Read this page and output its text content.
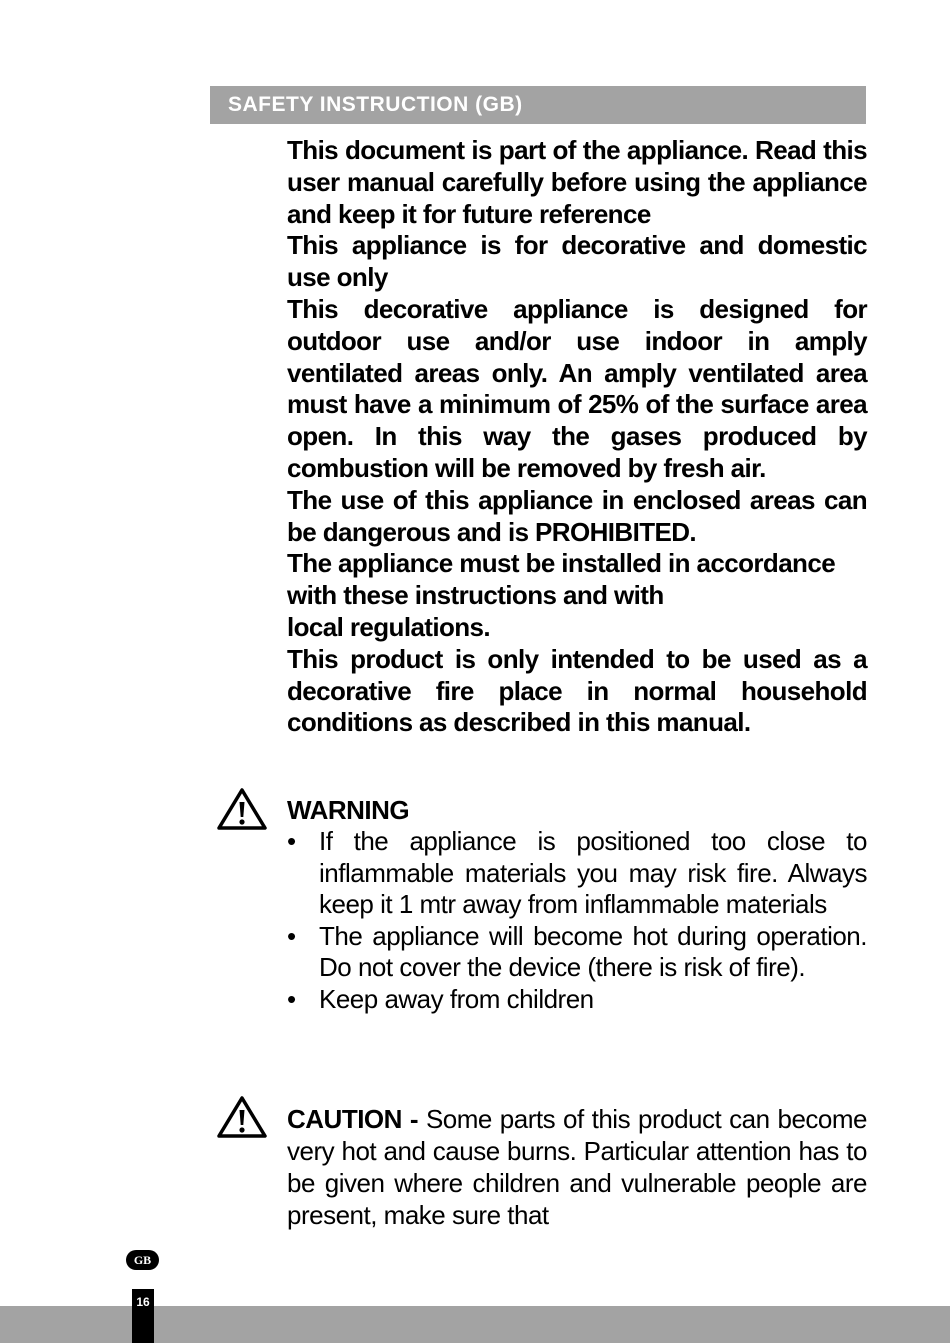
SAFETY INSTRUCTION (GB)

This document is part of the appliance. Read this user manual carefully before using the appliance and keep it for future reference

This appliance is for decorative and domestic use only

This decorative appliance is designed for outdoor use and/or use indoor in amply ventilated areas only. An amply ventilated area must have a minimum of 25% of the surface area open. In this way the gases produced by combustion will be removed by fresh air.

The use of this appliance in enclosed areas can be dangerous and is PROHIBITED.

The appliance must be installed in accordance with these instructions and with

local regulations.

This product is only intended to be used as a decorative fire place in normal household conditions as described in this manual.

WARNING
• If the appliance is positioned too close to inflammable materials you may risk fire. Always keep it 1 mtr away from inflammable materials
• The appliance will become hot during operation. Do not cover the device (there is risk of fire).
• Keep away from children
CAUTION - Some parts of this product can become very hot and cause burns. Particular attention has to be given where children and vulnerable people are present, make sure that
GB
16
